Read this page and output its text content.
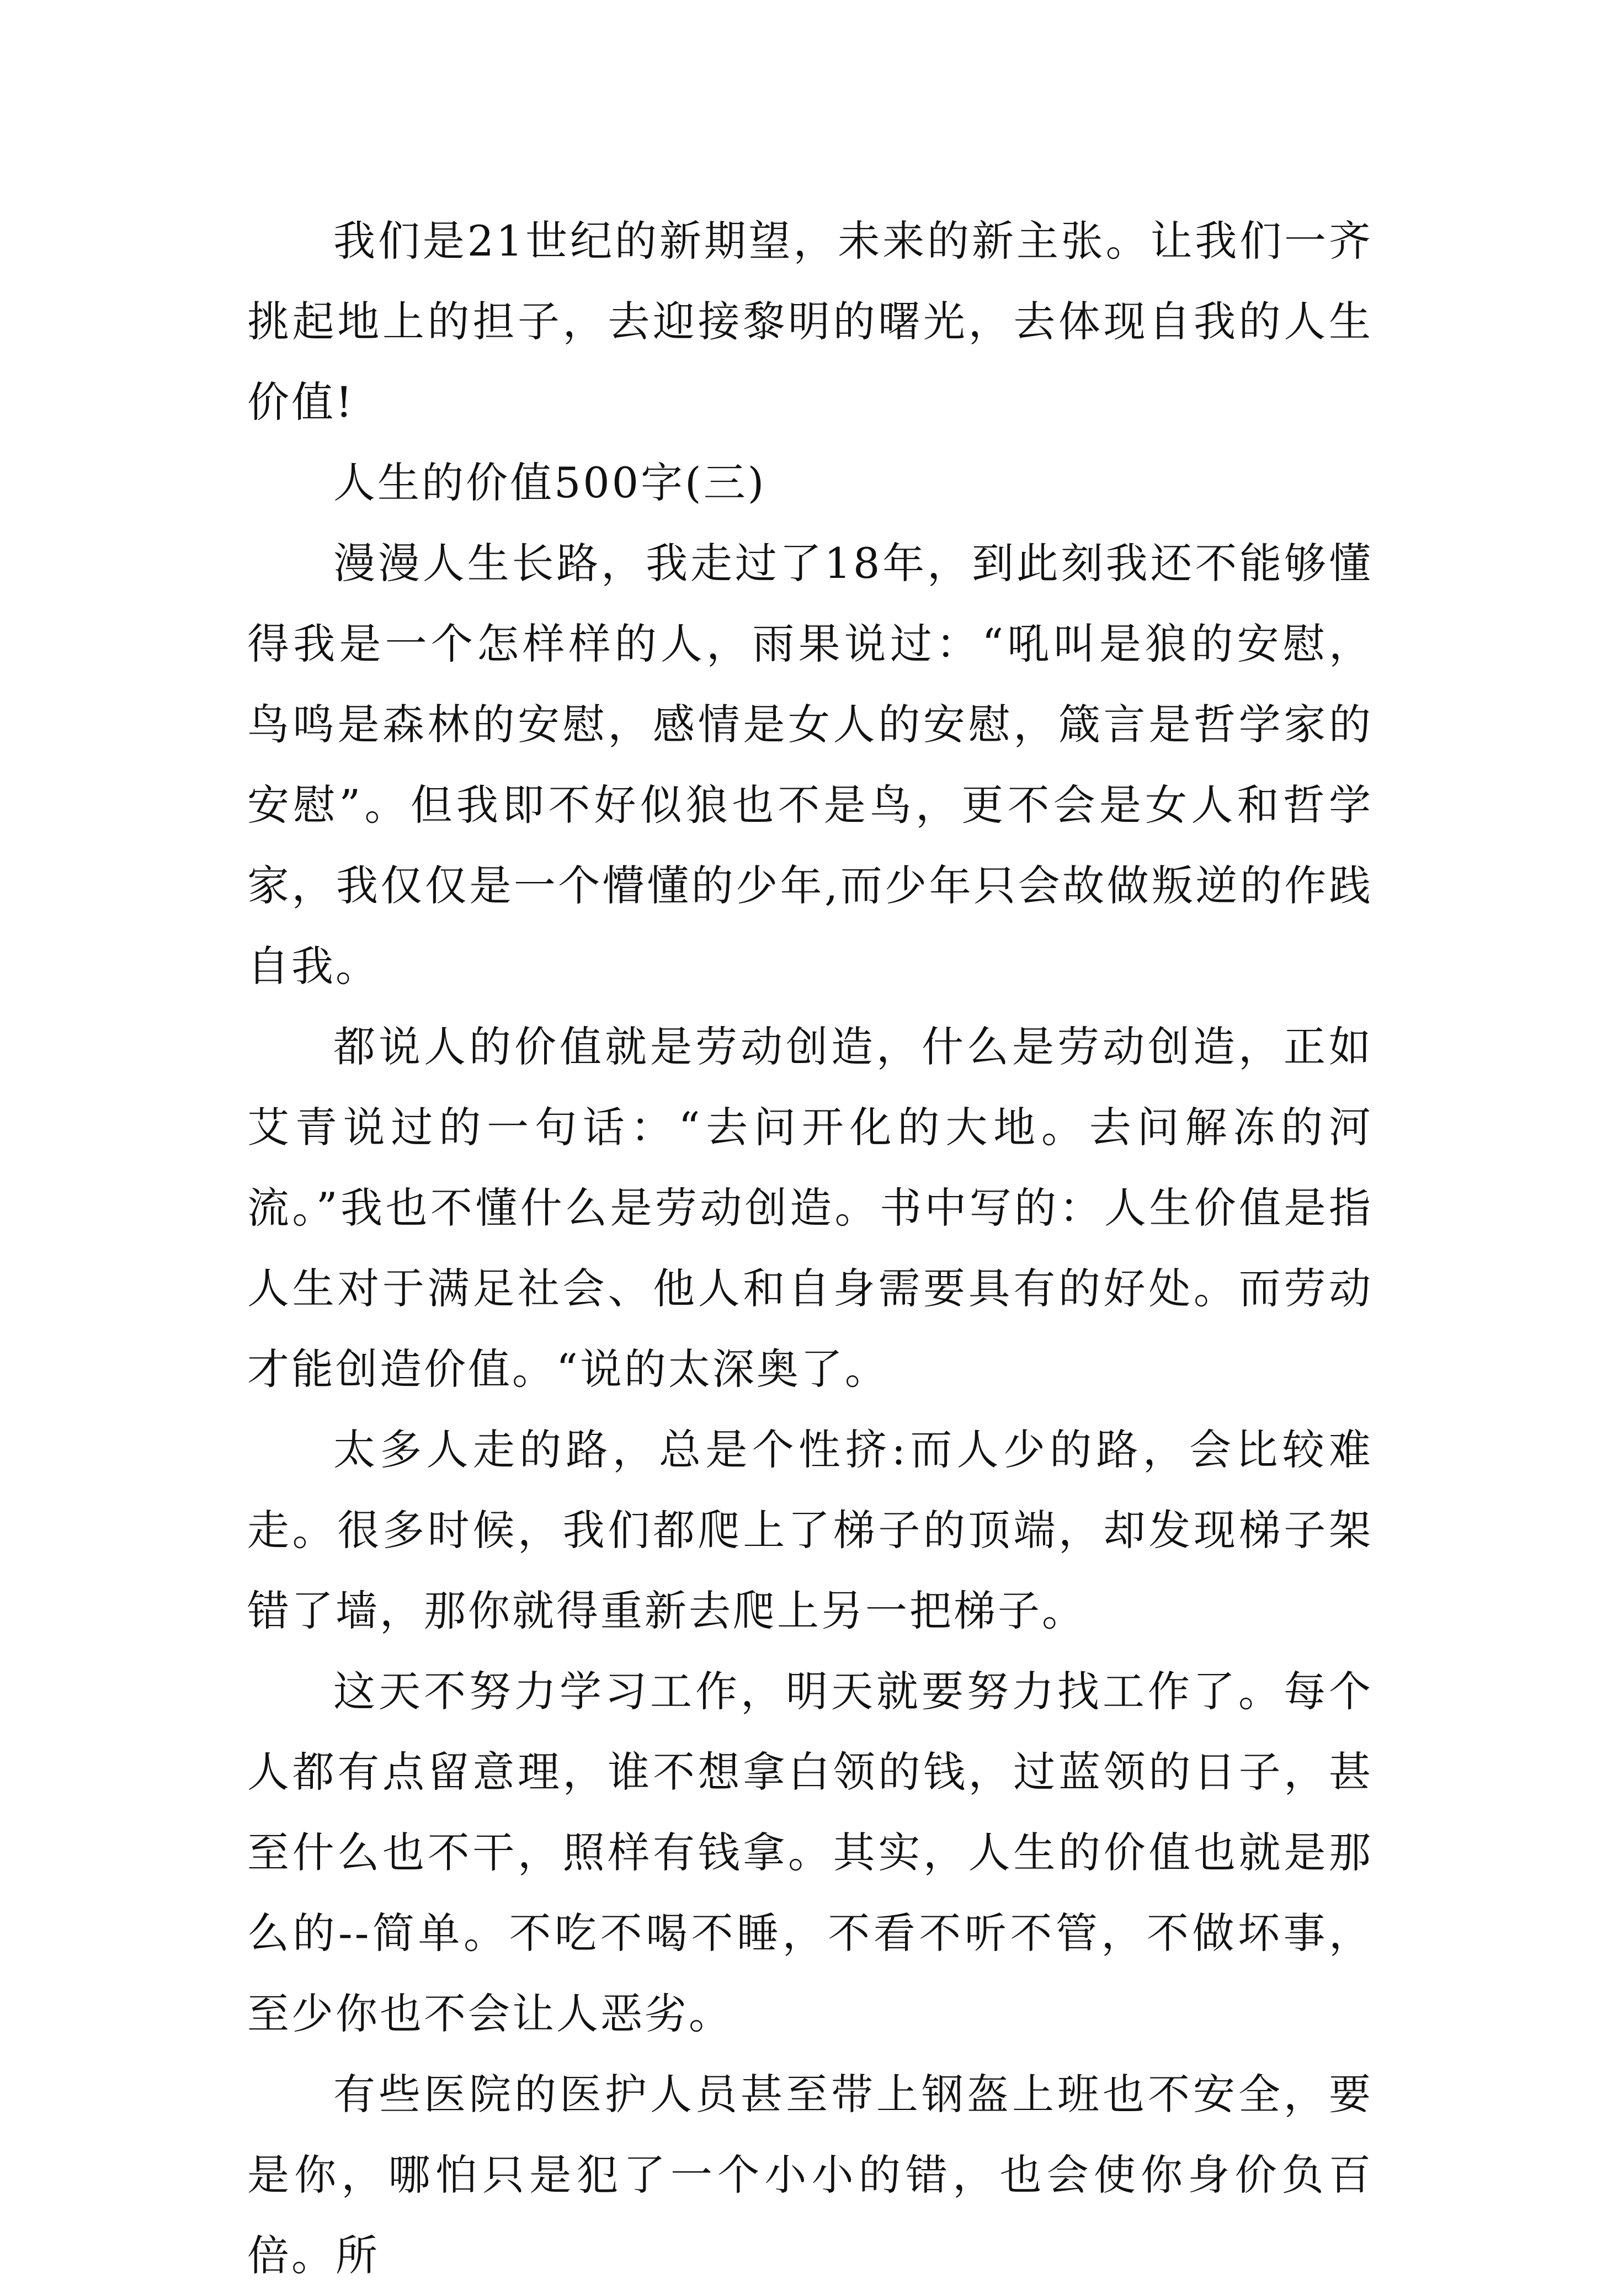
我们是21世纪的新期望，未来的新主张。让我们一齐挑起地上的担子，去迎接黎明的曙光，去体现自我的人生价值!

人生的价值500字(三)

漫漫人生长路，我走过了18年，到此刻我还不能够懂得我是一个怎样样的人，雨果说过：“吼叫是狼的安慰，鸟鸣是森林的安慰，感情是女人的安慰，箴言是哲学家的安慰”。但我即不好似狼也不是鸟，更不会是女人和哲学家，我仅仅是一个懵懂的少年,而少年只会故做叛逆的作践自我。

都说人的价值就是劳动创造，什么是劳动创造，正如艾青说过的一句话：“去问开化的大地。去问解冻的河流。”我也不懂什么是劳动创造。书中写的：人生价值是指人生对于满足社会、他人和自身需要具有的好处。而劳动才能创造价值。“说的太深奥了。

太多人走的路，总是个性挤:而人少的路，会比较难走。很多时候，我们都爬上了梯子的顶端，却发现梯子架错了墙，那你就得重新去爬上另一把梯子。

这天不努力学习工作，明天就要努力找工作了。每个人都有点留意理，谁不想拿白领的钱，过蓝领的日子，甚至什么也不干，照样有钱拿。其实，人生的价值也就是那么的--简单。不吃不喝不睡，不看不听不管，不做坏事，至少你也不会让人恶劣。

有些医院的医护人员甚至带上钢盔上班也不安全，要是你，哪怕只是犯了一个小小的错，也会使你身价负百倍。所
